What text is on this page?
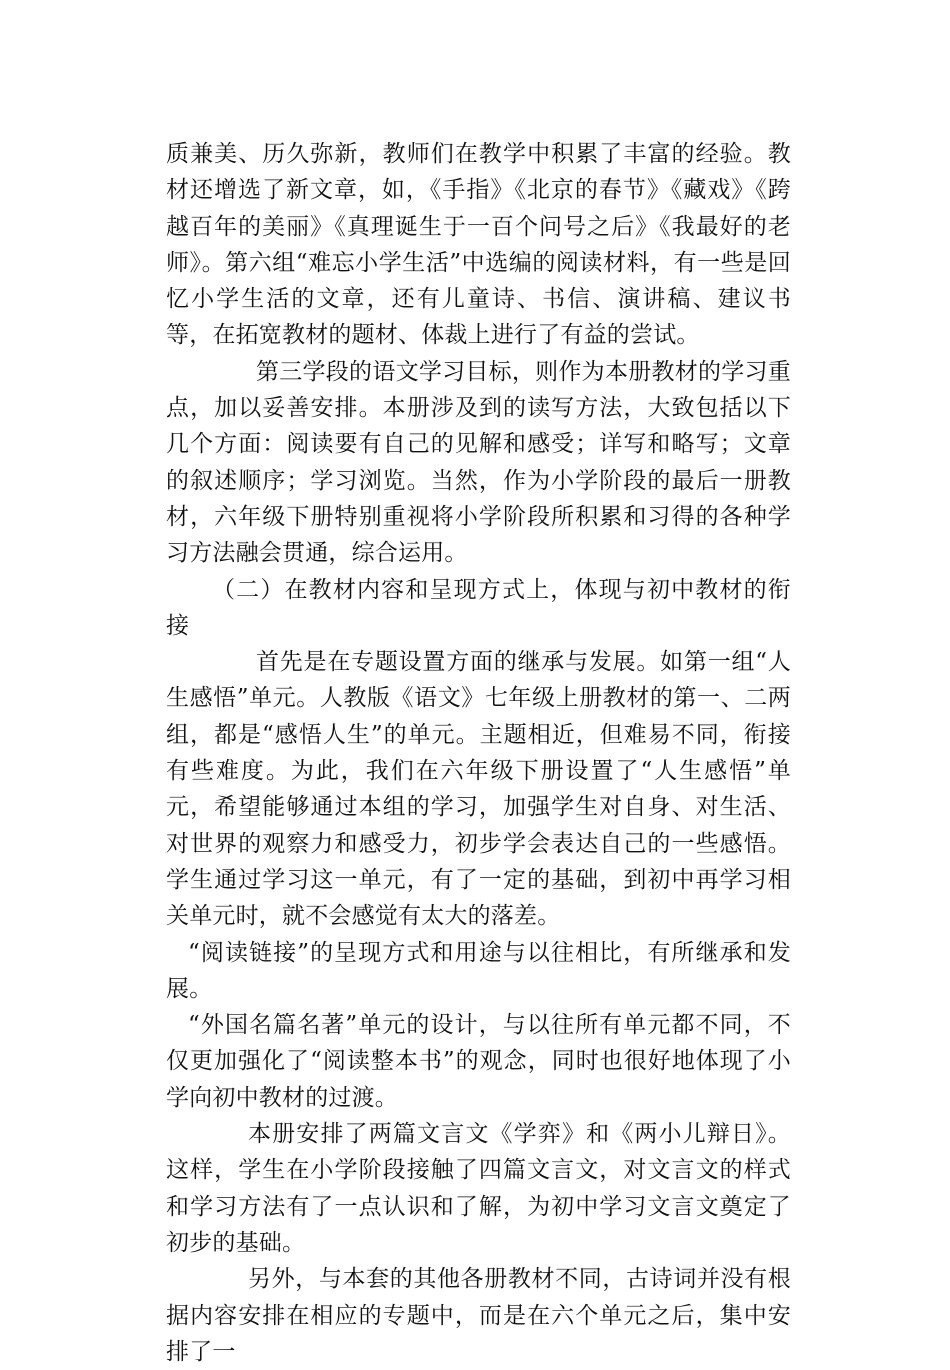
质兼美、历久弥新，教师们在教学中积累了丰富的经验。教材还增选了新文章，如，《手指》《北京的春节》《藏戏》《跨越百年的美丽》《真理诞生于一百个问号之后》《我最好的老师》。第六组“难忘小学生活”中选编的阅读材料，有一些是回忆小学生活的文章，还有儿童诗、书信、演讲稿、建议书等，在拓宽教材的题材、体裁上进行了有益的尝试。

第三学段的语文学习目标，则作为本册教材的学习重点，加以妥善安排。本册涉及到的读写方法，大致包括以下几个方面：阅读要有自己的见解和感受；详写和略写；文章的叙述顺序；学习浏览。当然，作为小学阶段的最后一册教材，六年级下册特别重视将小学阶段所积累和习得的各种学习方法融会贯通，综合运用。

（二）在教材内容和呈现方式上，体现与初中教材的衔接

首先是在专题设置方面的继承与发展。如第一组“人生感悟”单元。人教版《语文》七年级上册教材的第一、二两组，都是“感悟人生”的单元。主题相近，但难易不同，衔接有些难度。为此，我们在六年级下册设置了“人生感悟”单元，希望能够通过本组的学习，加强学生对自身、对生活、对世界的观察力和感受力，初步学会表达自己的一些感悟。学生通过学习这一单元，有了一定的基础，到初中再学习相关单元时，就不会感觉有太大的落差。

“阅读链接”的呈现方式和用途与以往相比，有所继承和发展。

“外国名篇名著”单元的设计，与以往所有单元都不同，不仅更加强化了“阅读整本书”的观念，同时也很好地体现了小学向初中教材的过渡。

本册安排了两篇文言文《学弈》和《两小儿辩日》。这样，学生在小学阶段接触了四篇文言文，对文言文的样式和学习方法有了一点认识和了解，为初中学习文言文奠定了初步的基础。

另外，与本套的其他各册教材不同，古诗词并没有根据内容安排在相应的专题中，而是在六个单元之后，集中安排了一
